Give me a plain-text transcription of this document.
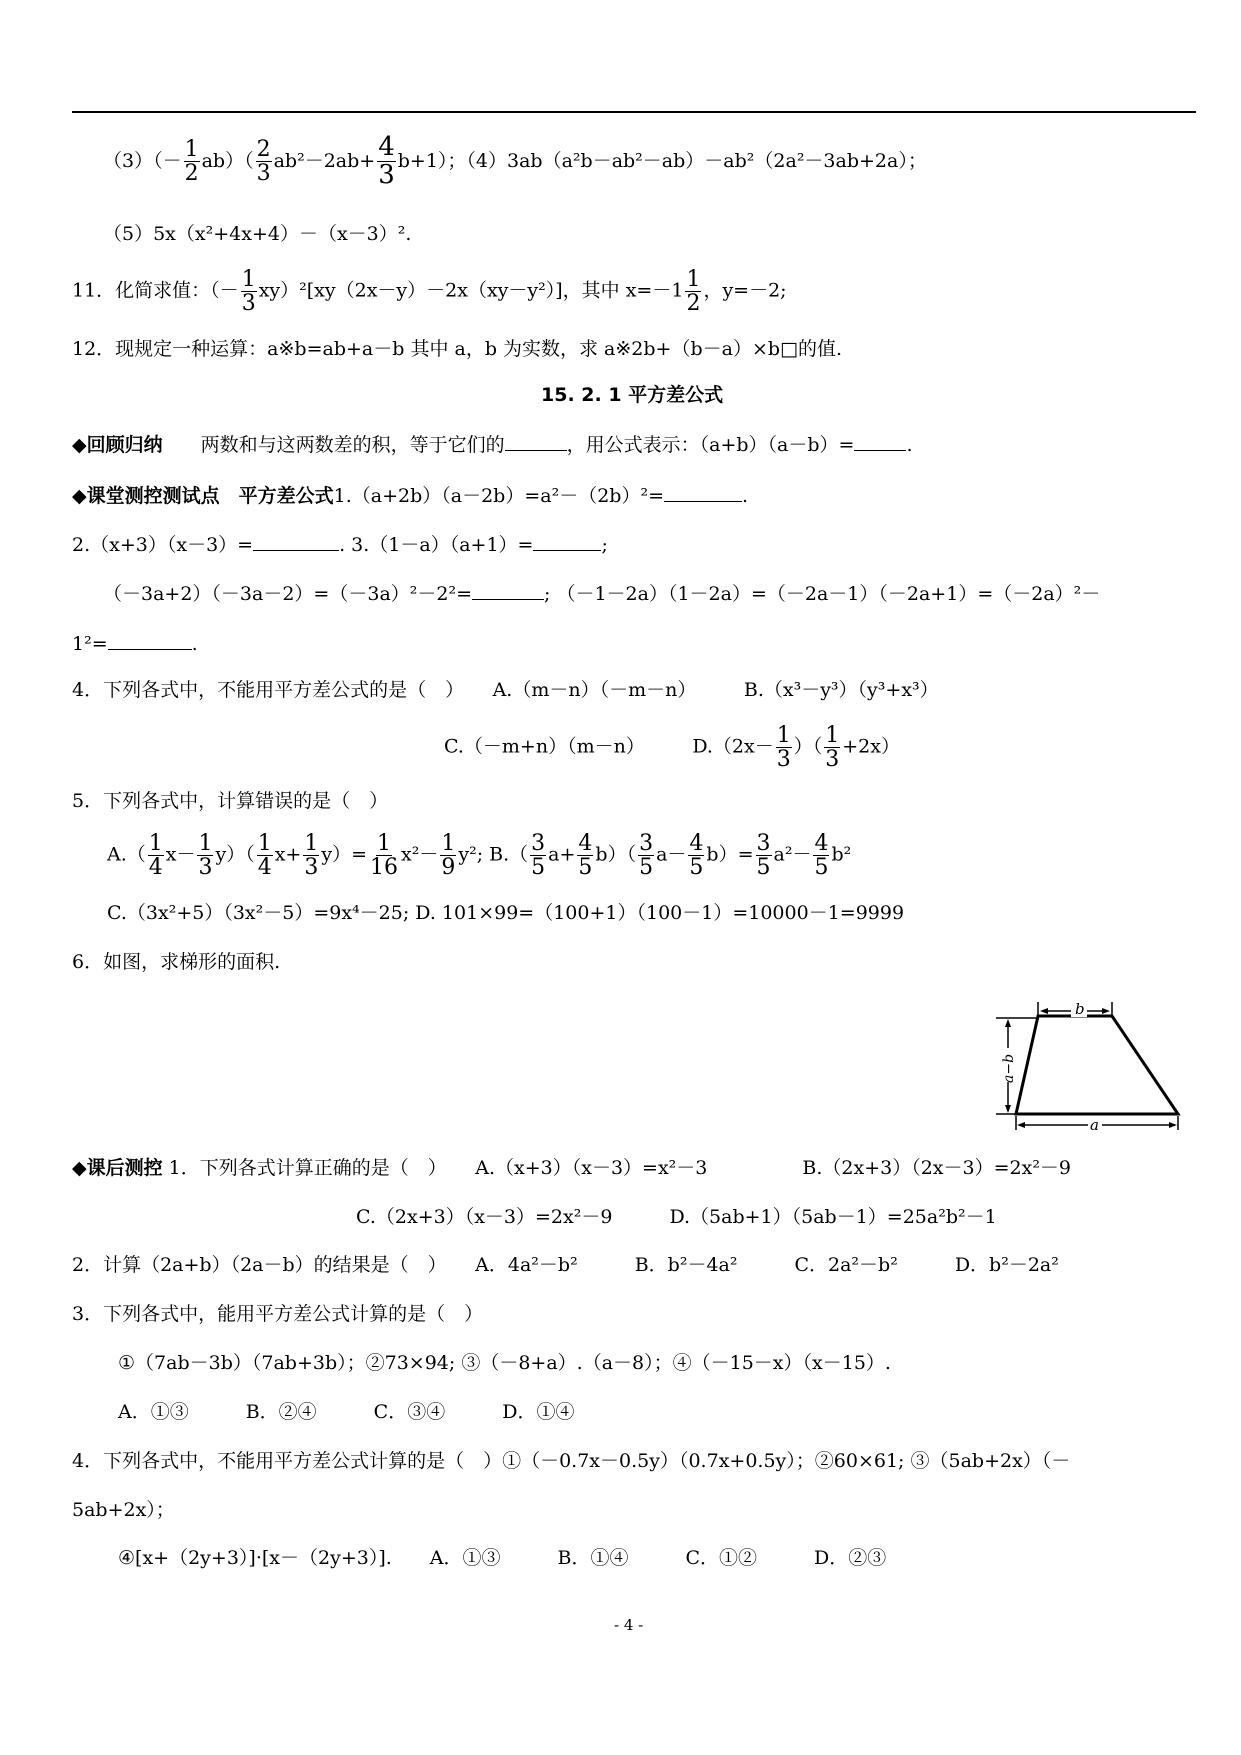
$(3)(- \frac{1}{2} ab)( \frac{2}{3} ab^2-2ab+ \frac{4}{3} b+1)$；（4）3ab（a²b－ab²－ab）－ab²（2a²－3ab+2a）；
（5）5x（x²+4x+4）－（x－3）².
11．化简求值：（－ $\frac{1}{3} xy)^2[xy(2x-y)-2x(xy-y^2)]$，其中 $x=-1 \frac{1}{2}$ ，y=－2;
12．现规定一种运算：a※b=ab+a－b 其中 a，b 为实数，求 a※2b+（b－a）×b□的值.
15. 2. 1 平方差公式
◆回顾归纳 两数和与这两数差的积，等于它们的	，用公式表示：（a+b）（a－b）=	.
◆课堂测控测试点　平方差公式1.（a+2b）（a－2b）=a²－（2b）²=	.
2.（x+3）（x－3）=	. 3.（1－a）（a+1）=	;
（－3a+2）（－3a－2）=（－3a）²－2²=	; （－1－2a）（1－2a）=（－2a－1）（－2a+1）=（－2a）²－
1²=	.
4．下列各式中，不能用平方差公式的是（　）　　A.（m－n）（－m－n）　　　B.（x³－y³）（y³+x³）
C.（－m+n）（m－n）　　　$D.(2x- \frac{1}{3}$ ）（ $\frac{1}{3} +2x$）
5．下列各式中，计算错误的是（　）
$A.( \frac{1}{4} x- \frac{1}{3} y)( \frac{1}{4} x+ \frac{1}{3} y)= \frac{1}{16} x^2- \frac{1}{9} y^2$; $B.( \frac{3}{5} a+ \frac{4}{5} b)( \frac{3}{5} a- \frac{4}{5} b)= \frac{3}{5} a^2- \frac{4}{5} b^2$
C.（3x²+5）（3x²－5）=9x⁴－25; D. 101×99=（100+1）（100－1）=10000－1=9999
6．如图，求梯形的面积.
b
a−b
a
◆课后测控 1．下列各式计算正确的是（　）　　A.（x+3）（x－3）=x²－3　　　　　B.（2x+3）（2x－3）=2x²－9
C.（2x+3）（x－3）=2x²－9　　　D.（5ab+1）（5ab－1）=25a²b²－1
2．计算（2a+b）（2a－b）的结果是（　）　　A．4a²－b²　　　B．b²－4a²　　　C．2a²－b²　　　D．b²－2a²
3．下列各式中，能用平方差公式计算的是（　）
①（7ab－3b）（7ab+3b）；②73×94; ③（－8+a）.（a－8）；④（－15－x）（x－15）.
A．①③　　　B．②④　　　C．③④　　　D．①④
4．下列各式中，不能用平方差公式计算的是（　）①（－0.7x－0.5y）（0.7x+0.5y）；②60×61; ③（5ab+2x）（－
5ab+2x）；
④[x+（2y+3）]·[x－（2y+3）].　　A．①③　　　B．①④　　　C．①②　　　D．②③
- 4 -
